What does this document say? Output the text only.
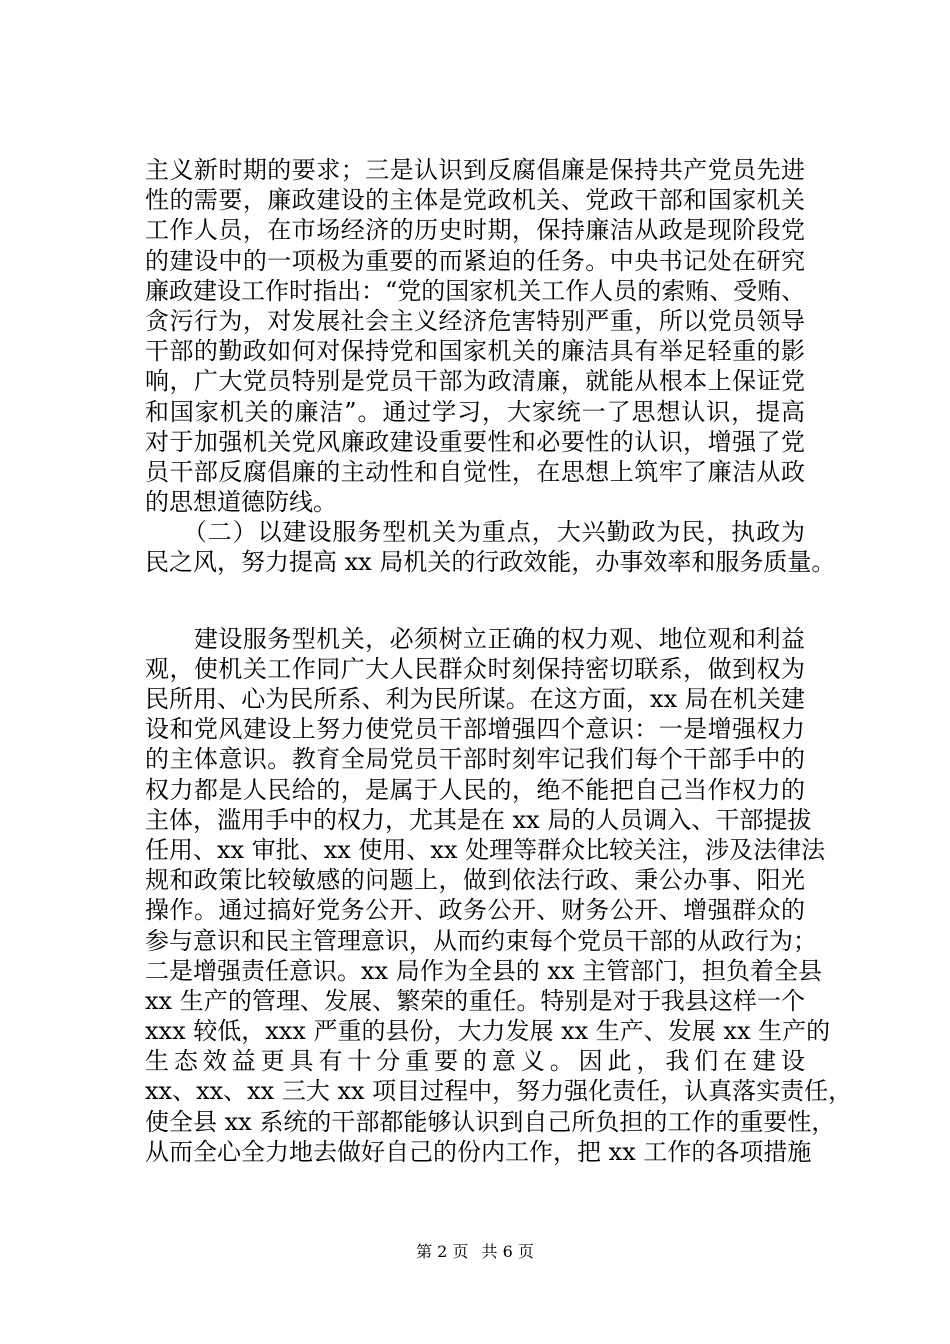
主义新时期的要求；三是认识到反腐倡廉是保持共产党员先进
性的需要，廉政建设的主体是党政机关、党政干部和国家机关
工作人员，在市场经济的历史时期，保持廉洁从政是现阶段党
的建设中的一项极为重要的而紧迫的任务。中央书记处在研究
廉政建设工作时指出：“党的国家机关工作人员的索贿、受贿、
贪污行为，对发展社会主义经济危害特别严重，所以党员领导
干部的勤政如何对保持党和国家机关的廉洁具有举足轻重的影
响，广大党员特别是党员干部为政清廉，就能从根本上保证党
和国家机关的廉洁”。通过学习，大家统一了思想认识，提高
对于加强机关党风廉政建设重要性和必要性的认识，增强了党
员干部反腐倡廉的主动性和自觉性，在思想上筑牢了廉洁从政
的思想道德防线。
　　（二）以建设服务型机关为重点，大兴勤政为民，执政为
民之风，努力提高 xx 局机关的行政效能，办事效率和服务质量。
　　建设服务型机关，必须树立正确的权力观、地位观和利益
观，使机关工作同广大人民群众时刻保持密切联系，做到权为
民所用、心为民所系、利为民所谋。在这方面，xx 局在机关建
设和党风建设上努力使党员干部增强四个意识：一是增强权力
的主体意识。教育全局党员干部时刻牢记我们每个干部手中的
权力都是人民给的，是属于人民的，绝不能把自己当作权力的
主体，滥用手中的权力，尤其是在 xx 局的人员调入、干部提拔
任用、xx 审批、xx 使用、xx 处理等群众比较关注，涉及法律法
规和政策比较敏感的问题上，做到依法行政、秉公办事、阳光
操作。通过搞好党务公开、政务公开、财务公开、增强群众的
参与意识和民主管理意识，从而约束每个党员干部的从政行为；
二是增强责任意识。xx 局作为全县的 xx 主管部门，担负着全县
xx 生产的管理、发展、繁荣的重任。特别是对于我县这样一个
xxx 较低，xxx 严重的县份，大力发展 xx 生产、发展 xx 生产的
生态效益更具有十分重要的意义。因此，我们在建设
xx、xx、xx 三大 xx 项目过程中，努力强化责任，认真落实责任，
使全县 xx 系统的干部都能够认识到自己所负担的工作的重要性，
从而全心全力地去做好自己的份内工作，把 xx 工作的各项措施
第 2 页 共 6 页
